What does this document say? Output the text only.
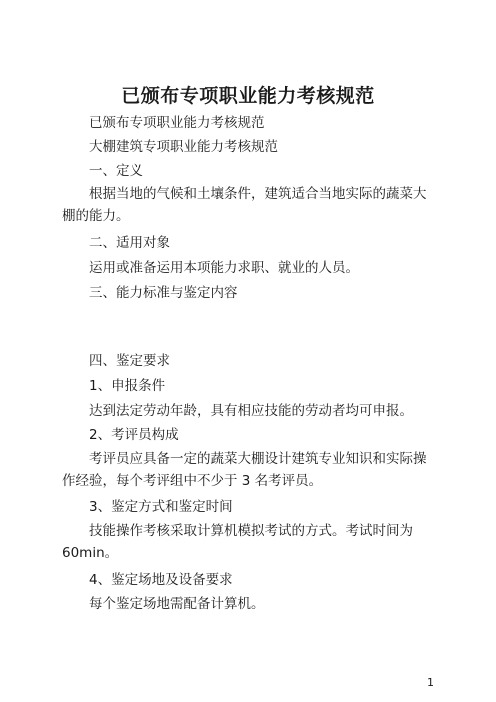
已颁布专项职业能力考核规范
已颁布专项职业能力考核规范
大棚建筑专项职业能力考核规范
一、定义
根据当地的气候和土壤条件，建筑适合当地实际的蔬菜大棚的能力。
二、适用对象
运用或准备运用本项能力求职、就业的人员。
三、能力标准与鉴定内容
四、鉴定要求
1、申报条件
达到法定劳动年龄，具有相应技能的劳动者均可申报。
2、考评员构成
考评员应具备一定的蔬菜大棚设计建筑专业知识和实际操作经验，每个考评组中不少于 3 名考评员。
3、鉴定方式和鉴定时间
技能操作考核采取计算机模拟考试的方式。考试时间为 60min。
4、鉴定场地及设备要求
每个鉴定场地需配备计算机。
1
